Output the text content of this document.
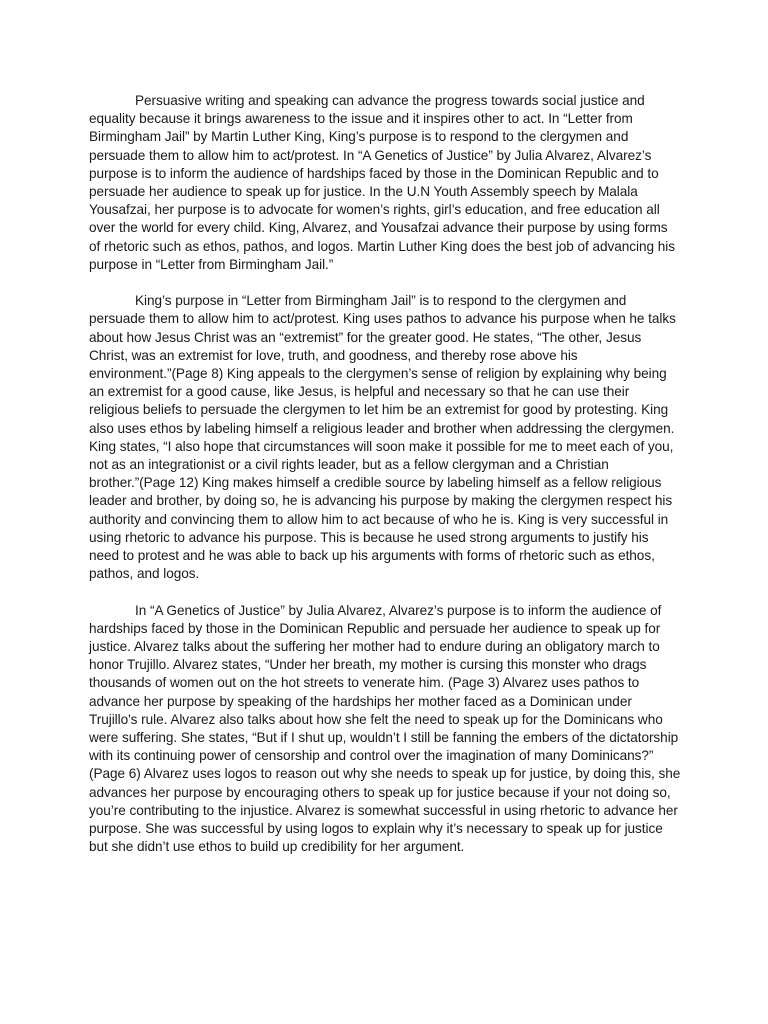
Persuasive writing and speaking can advance the progress towards social justice and equality because it brings awareness to the issue and it inspires other to act. In “Letter from Birmingham Jail” by Martin Luther King, King’s purpose is to respond to the clergymen and persuade them to allow him to act/protest. In “A Genetics of Justice” by Julia Alvarez, Alvarez’s purpose is to inform the audience of hardships faced by those in the Dominican Republic and to persuade her audience to speak up for justice. In the U.N Youth Assembly speech by Malala Yousafzai, her purpose is to advocate for women’s rights, girl’s education, and free education all over the world for every child. King, Alvarez, and Yousafzai advance their purpose by using forms of rhetoric such as ethos, pathos, and logos. Martin Luther King does the best job of advancing his purpose in “Letter from Birmingham Jail.”

King’s purpose in “Letter from Birmingham Jail” is to respond to the clergymen and persuade them to allow him to act/protest. King uses pathos to advance his purpose when he talks about how Jesus Christ was an “extremist” for the greater good. He states, “The other, Jesus Christ, was an extremist for love, truth, and goodness, and thereby rose above his environment.”(Page 8) King appeals to the clergymen’s sense of religion by explaining why being an extremist for a good cause, like Jesus, is helpful and necessary so that he can use their religious beliefs to persuade the clergymen to let him be an extremist for good by protesting. King also uses ethos by labeling himself a religious leader and brother when addressing the clergymen. King states, “I also hope that circumstances will soon make it possible for me to meet each of you, not as an integrationist or a civil rights leader, but as a fellow clergyman and a Christian brother.”(Page 12) King makes himself a credible source by labeling himself as a fellow religious leader and brother, by doing so, he is advancing his purpose by making the clergymen respect his authority and convincing them to allow him to act because of who he is. King is very successful in using rhetoric to advance his purpose. This is because he used strong arguments to justify his need to protest and he was able to back up his arguments with forms of rhetoric such as ethos, pathos, and logos.

In “A Genetics of Justice” by Julia Alvarez, Alvarez’s purpose is to inform the audience of hardships faced by those in the Dominican Republic and persuade her audience to speak up for justice. Alvarez talks about the suffering her mother had to endure during an obligatory march to honor Trujillo. Alvarez states, “Under her breath, my mother is cursing this monster who drags thousands of women out on the hot streets to venerate him. (Page 3) Alvarez uses pathos to advance her purpose by speaking of the hardships her mother faced as a Dominican under Trujillo's rule. Alvarez also talks about how she felt the need to speak up for the Dominicans who were suffering. She states, “But if I shut up, wouldn’t I still be fanning the embers of the dictatorship with its continuing power of censorship and control over the imagination of many Dominicans?” (Page 6) Alvarez uses logos to reason out why she needs to speak up for justice, by doing this, she advances her purpose by encouraging others to speak up for justice because if your not doing so, you’re contributing to the injustice. Alvarez is somewhat successful in using rhetoric to advance her purpose. She was successful by using logos to explain why it’s necessary to speak up for justice but she didn’t use ethos to build up credibility for her argument.
